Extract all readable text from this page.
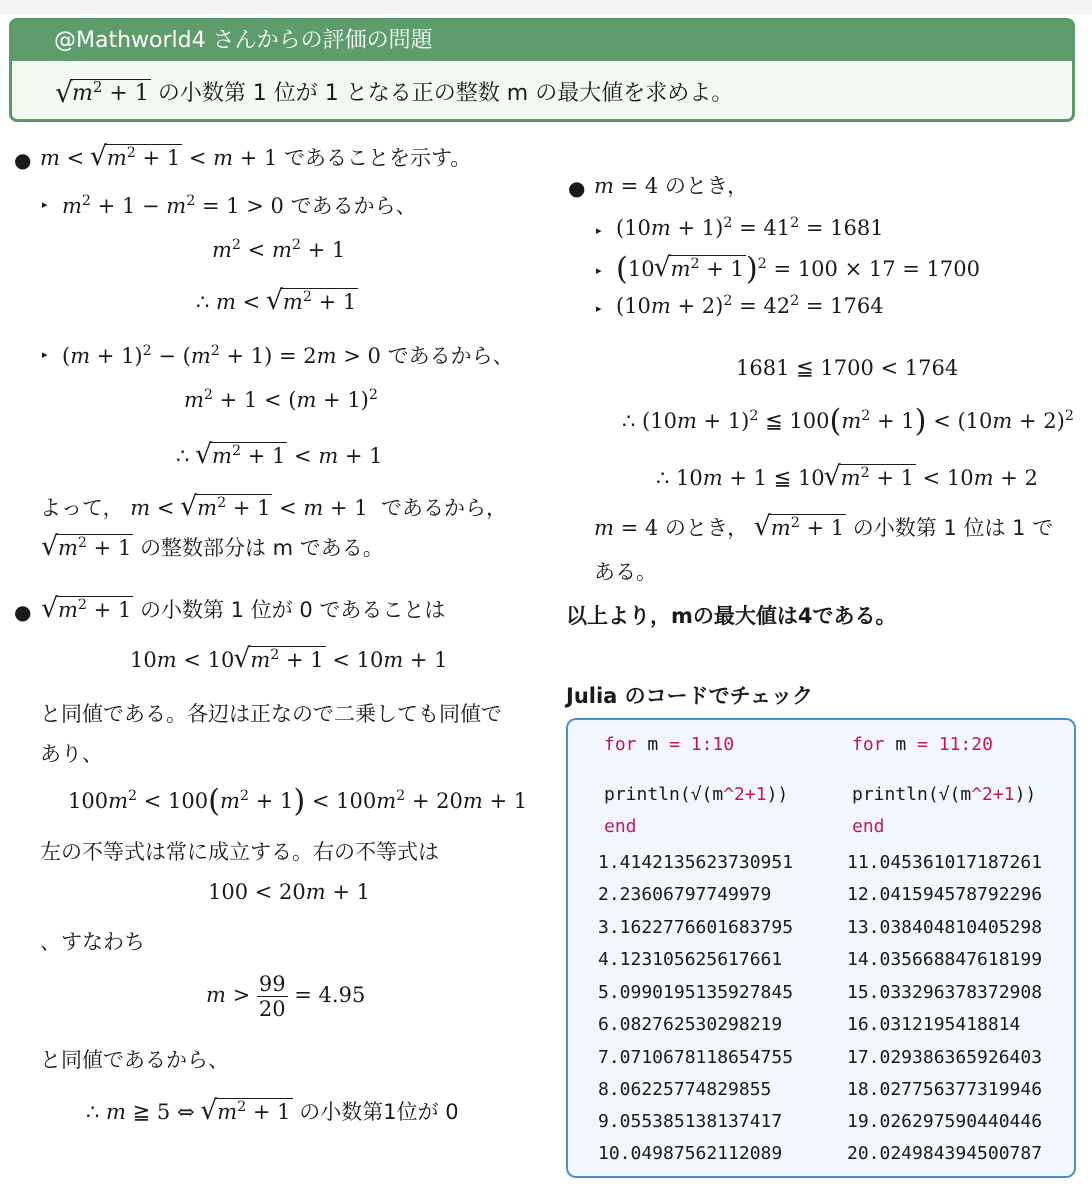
@Mathworld4 さんからの評価の問題
√ $m^2 + 1$ の小数第 1 位が 1 となる正の整数 m の最大値を求めよ。
● m < √ $m^2 + 1 < m + 1$ であることを示す。
▸ $m^2 + 1 - m^2 = 1 > 0$ であるから、
$m^2 < m^2 + 1$
∴ m < √ $m^2 + 1$
▸ $(m + 1)^2 - (m^2 + 1) = 2m > 0$ であるから、
$m^2 + 1 < (m + 1)^2$
∴ √ $m^2 + 1 < m + 1$
よって， m < √ $m^2 + 1 < m + 1$ であるから，
√ $m^2 + 1$ の整数部分は m である。
●	√ $m^2 + 1$ の小数第 1 位が 0 であることは
10m < 10 √ $m^2 + 1 < 10m + 1$
と同値である。各辺は正なので二乗しても同値で
あり、
$100m^2 < 100(m^2 + 1) < 100m^2 + 20m + 1$
左の不等式は常に成立する。右の不等式は
100 < 20m + 1
、すなわち
$m > \frac{99}{20} = 4.95$
と同値であるから、
∴ m ≧ 5 ⇔ √ $m^2 + 1$ の小数第1位が 0
● m = 4 のとき，
▸ $(10m + 1)^2 = 41^2 = 1681$
▸ (10 √ $m^2 + 1)^2 = 100 \times 17 = 1700$
▸ $(10m + 2)^2 = 42^2 = 1764$
1681 ≦ 1700 < 1764
∴ $(10m + 1)^2$ ≦ $100(m^2 + 1) < (10m + 2)^2$
∴ 10m + 1 ≦ 10 √ $m^2 + 1 < 10m + 2$
m = 4 のとき， √ $m^2 + 1$ の小数第 1 位は 1 で
ある。
以上より，mの最大値は4である。
Julia のコードでチェック
for m = 1:10
println(√(m^2+1))
end
for m = 11:20
println(√(m^2+1))
end
1.4142135623730951
2.23606797749979
3.1622776601683795
4.123105625617661
5.0990195135927845
6.082762530298219
7.0710678118654755
8.06225774829855
9.055385138137417
10.04987562112089
11.045361017187261
12.041594578792296
13.038404810405298
14.035668847618199
15.033296378372908
16.0312195418814
17.029386365926403
18.027756377319946
19.026297590440446
20.024984394500787
